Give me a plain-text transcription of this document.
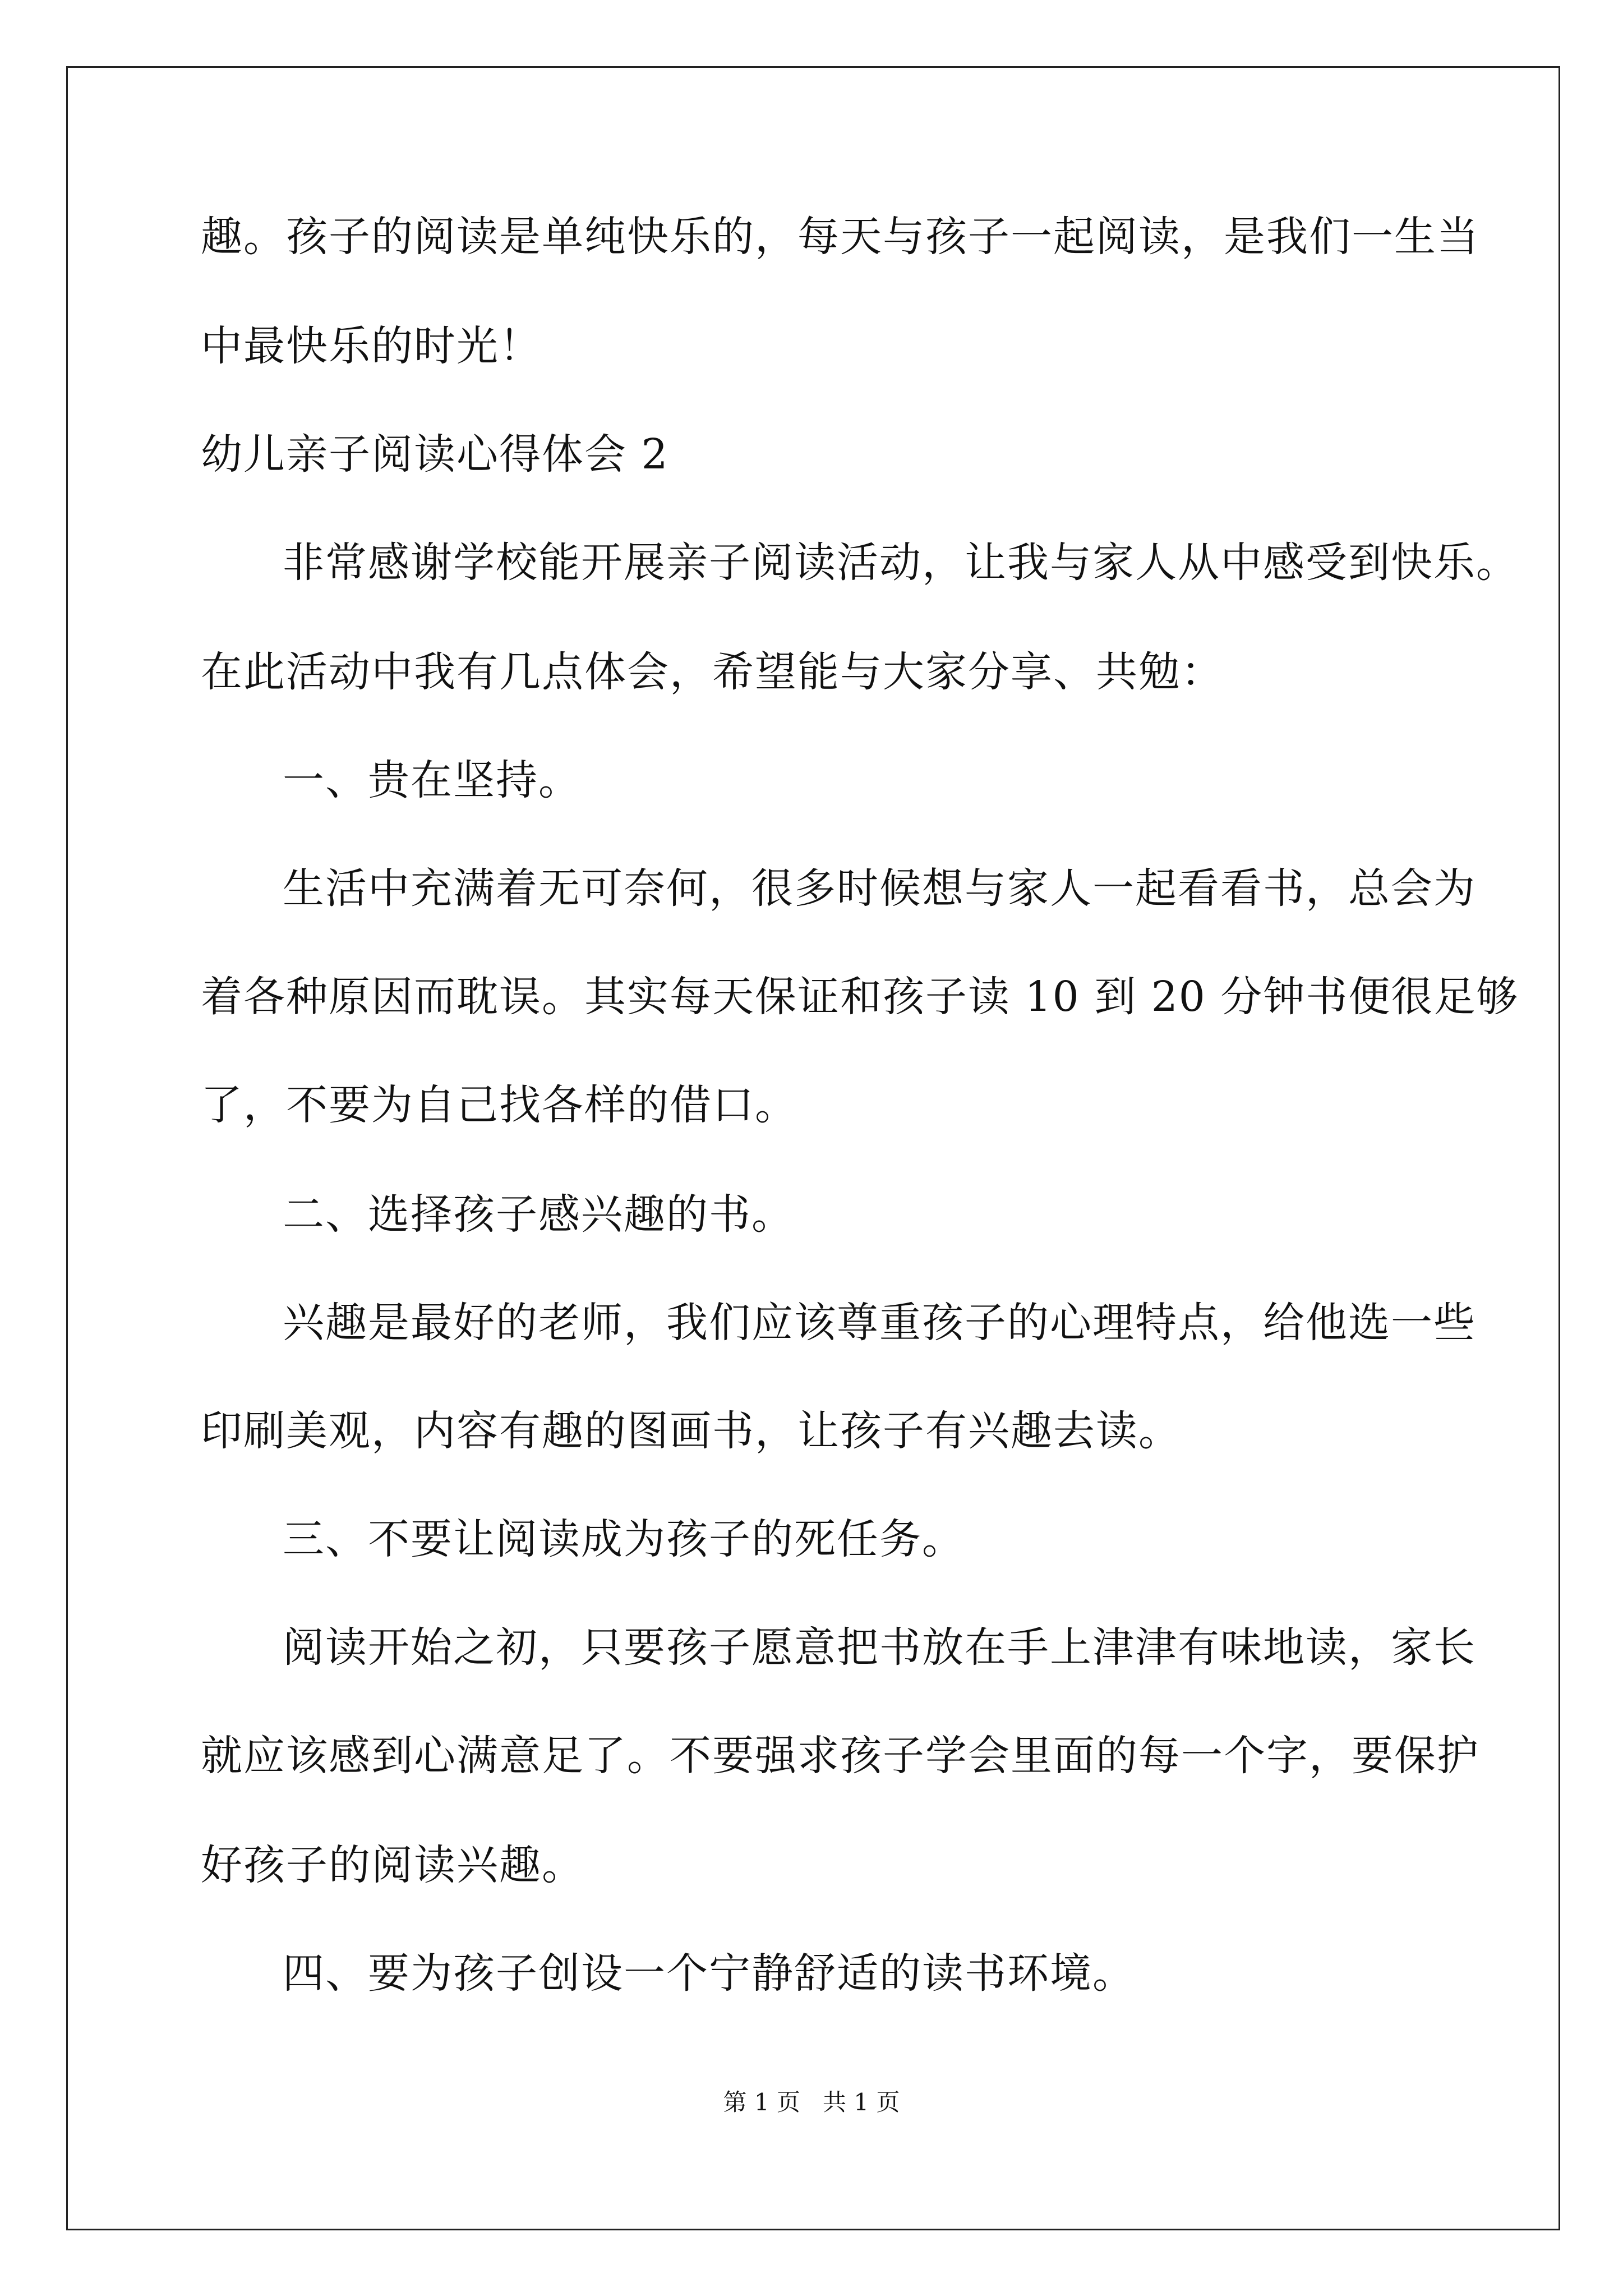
趣。孩子的阅读是单纯快乐的，每天与孩子一起阅读，是我们一生当
中最快乐的时光！
幼儿亲子阅读心得体会 2
非常感谢学校能开展亲子阅读活动，让我与家人从中感受到快乐。
在此活动中我有几点体会，希望能与大家分享、共勉：
一、贵在坚持。
生活中充满着无可奈何，很多时候想与家人一起看看书，总会为
着各种原因而耽误。其实每天保证和孩子读 10 到 20 分钟书便很足够
了，不要为自己找各样的借口。
二、选择孩子感兴趣的书。
兴趣是最好的老师，我们应该尊重孩子的心理特点，给他选一些
印刷美观，内容有趣的图画书，让孩子有兴趣去读。
三、不要让阅读成为孩子的死任务。
阅读开始之初，只要孩子愿意把书放在手上津津有味地读，家长
就应该感到心满意足了。不要强求孩子学会里面的每一个字，要保护
好孩子的阅读兴趣。
四、要为孩子创设一个宁静舒适的读书环境。
第 1 页   共 1 页
